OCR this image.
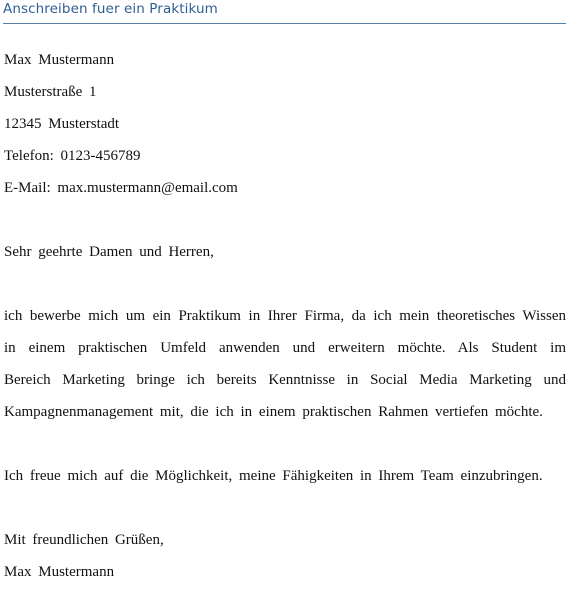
Anschreiben fuer ein Praktikum
Max Mustermann
Musterstraße 1
12345 Musterstadt
Telefon: 0123-456789
E-Mail: max.mustermann@email.com
Sehr geehrte Damen und Herren,
ich bewerbe mich um ein Praktikum in Ihrer Firma, da ich mein theoretisches Wissen
in einem praktischen Umfeld anwenden und erweitern möchte. Als Student im
Bereich Marketing bringe ich bereits Kenntnisse in Social Media Marketing und
Kampagnenmanagement mit, die ich in einem praktischen Rahmen vertiefen möchte.
Ich freue mich auf die Möglichkeit, meine Fähigkeiten in Ihrem Team einzubringen.
Mit freundlichen Grüßen,
Max Mustermann
